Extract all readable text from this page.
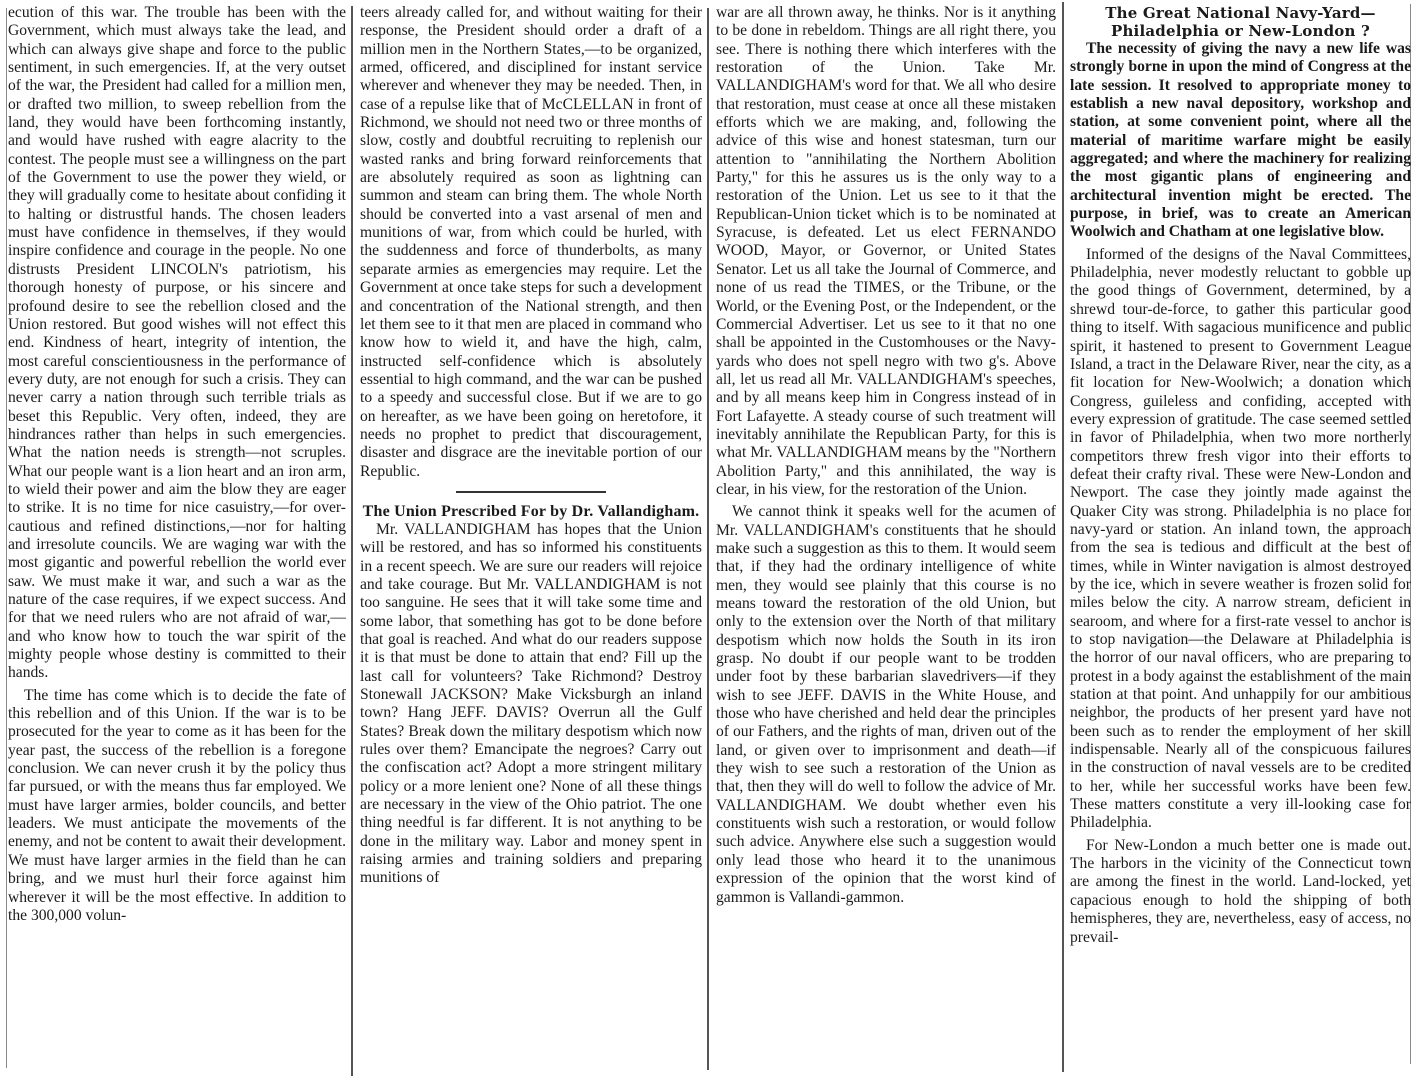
ecution of this war. The trouble has been with the Government, which must always take the lead, and which can always give shape and force to the public sentiment, in such emergencies. If, at the very outset of the war, the President had called for a million men, or drafted two million, to sweep rebellion from the land, they would have been forthcoming instantly, and would have rushed with eagre alacrity to the contest. The people must see a willingness on the part of the Government to use the power they wield, or they will gradually come to hesitate about confiding it to halting or distrustful hands. The chosen leaders must have confidence in themselves, if they would inspire confidence and courage in the people. No one distrusts President LINCOLN's patriotism, his thorough honesty of purpose, or his sincere and profound desire to see the rebellion closed and the Union restored. But good wishes will not effect this end. Kindness of heart, integrity of intention, the most careful conscientiousness in the performance of every duty, are not enough for such a crisis. They can never carry a nation through such terrible trials as beset this Republic. Very often, indeed, they are hindrances rather than helps in such emergencies. What the nation needs is strength—not scruples. What our people want is a lion heart and an iron arm, to wield their power and aim the blow they are eager to strike. It is no time for nice casuistry,—for over-cautious and refined distinctions,—nor for halting and irresolute councils. We are waging war with the most gigantic and powerful rebellion the world ever saw. We must make it war, and such a war as the nature of the case requires, if we expect success. And for that we need rulers who are not afraid of war,—and who know how to touch the war spirit of the mighty people whose destiny is committed to their hands.

The time has come which is to decide the fate of this rebellion and of this Union. If the war is to be prosecuted for the year to come as it has been for the year past, the success of the rebellion is a foregone conclusion. We can never crush it by the policy thus far pursued, or with the means thus far employed. We must have larger armies, bolder councils, and better leaders. We must anticipate the movements of the enemy, and not be content to await their development. We must have larger armies in the field than he can bring, and we must hurl their force against him wherever it will be the most effective. In addition to the 300,000 volun-

teers already called for, and without waiting for their response, the President should order a draft of a million men in the Northern States,—to be organized, armed, officered, and disciplined for instant service wherever and whenever they may be needed. Then, in case of a repulse like that of McCLELLAN in front of Richmond, we should not need two or three months of slow, costly and doubtful recruiting to replenish our wasted ranks and bring forward reinforcements that are absolutely required as soon as lightning can summon and steam can bring them. The whole North should be converted into a vast arsenal of men and munitions of war, from which could be hurled, with the suddenness and force of thunderbolts, as many separate armies as emergencies may require. Let the Government at once take steps for such a development and concentration of the National strength, and then let them see to it that men are placed in command who know how to wield it, and have the high, calm, instructed self-confidence which is absolutely essential to high command, and the war can be pushed to a speedy and successful close. But if we are to go on hereafter, as we have been going on heretofore, it needs no prophet to predict that discouragement, disaster and disgrace are the inevitable portion of our Republic.

The Union Prescribed For by Dr. Vallandigham.

Mr. VALLANDIGHAM has hopes that the Union will be restored, and has so informed his constituents in a recent speech. We are sure our readers will rejoice and take courage. But Mr. VALLANDIGHAM is not too sanguine. He sees that it will take some time and some labor, that something has got to be done before that goal is reached. And what do our readers suppose it is that must be done to attain that end? Fill up the last call for volunteers? Take Richmond? Destroy Stonewall JACKSON? Make Vicksburgh an inland town? Hang JEFF. DAVIS? Overrun all the Gulf States? Break down the military despotism which now rules over them? Emancipate the negroes? Carry out the confiscation act? Adopt a more stringent military policy or a more lenient one? None of all these things are necessary in the view of the Ohio patriot. The one thing needful is far different. It is not anything to be done in the military way. Labor and money spent in raising armies and training soldiers and preparing munitions of

war are all thrown away, he thinks. Nor is it anything to be done in rebeldom. Things are all right there, you see. There is nothing there which interferes with the restoration of the Union. Take Mr. VALLANDIGHAM's word for that. We all who desire that restoration, must cease at once all these mistaken efforts which we are making, and, following the advice of this wise and honest statesman, turn our attention to "annihilating the Northern Abolition Party," for this he assures us is the only way to a restoration of the Union. Let us see to it that the Republican-Union ticket which is to be nominated at Syracuse, is defeated. Let us elect FERNANDO WOOD, Mayor, or Governor, or United States Senator. Let us all take the Journal of Commerce, and none of us read the TIMES, or the Tribune, or the World, or the Evening Post, or the Independent, or the Commercial Advertiser. Let us see to it that no one shall be appointed in the Customhouses or the Navy-yards who does not spell negro with two g's. Above all, let us read all Mr. VALLANDIGHAM's speeches, and by all means keep him in Congress instead of in Fort Lafayette. A steady course of such treatment will inevitably annihilate the Republican Party, for this is what Mr. VALLANDIGHAM means by the "Northern Abolition Party," and this annihilated, the way is clear, in his view, for the restoration of the Union.

We cannot think it speaks well for the acumen of Mr. VALLANDIGHAM's constituents that he should make such a suggestion as this to them. It would seem that, if they had the ordinary intelligence of white men, they would see plainly that this course is no means toward the restoration of the old Union, but only to the extension over the North of that military despotism which now holds the South in its iron grasp. No doubt if our people want to be trodden under foot by these barbarian slavedrivers—if they wish to see JEFF. DAVIS in the White House, and those who have cherished and held dear the principles of our Fathers, and the rights of man, driven out of the land, or given over to imprisonment and death—if they wish to see such a restoration of the Union as that, then they will do well to follow the advice of Mr. VALLANDIGHAM. We doubt whether even his constituents wish such a restoration, or would follow such advice. Anywhere else such a suggestion would only lead those who heard it to the unanimous expression of the opinion that the worst kind of gammon is Vallandi-gammon.

The Great National Navy-Yard—Philadelphia or New-London ?

The necessity of giving the navy a new life was strongly borne in upon the mind of Congress at the late session. It resolved to appropriate money to establish a new naval depository, workshop and station, at some convenient point, where all the material of maritime warfare might be easily aggregated; and where the machinery for realizing the most gigantic plans of engineering and architectural invention might be erected. The purpose, in brief, was to create an American Woolwich and Chatham at one legislative blow.

Informed of the designs of the Naval Committees, Philadelphia, never modestly reluctant to gobble up the good things of Government, determined, by a shrewd tour-de-force, to gather this particular good thing to itself. With sagacious munificence and public spirit, it hastened to present to Government League Island, a tract in the Delaware River, near the city, as a fit location for New-Woolwich; a donation which Congress, guileless and confiding, accepted with every expression of gratitude. The case seemed settled in favor of Philadelphia, when two more northerly competitors threw fresh vigor into their efforts to defeat their crafty rival. These were New-London and Newport. The case they jointly made against the Quaker City was strong. Philadelphia is no place for navy-yard or station. An inland town, the approach from the sea is tedious and difficult at the best of times, while in Winter navigation is almost destroyed by the ice, which in severe weather is frozen solid for miles below the city. A narrow stream, deficient in searoom, and where for a first-rate vessel to anchor is to stop navigation—the Delaware at Philadelphia is the horror of our naval officers, who are preparing to protest in a body against the establishment of the main station at that point. And unhappily for our ambitious neighbor, the products of her present yard have not been such as to render the employment of her skill indispensable. Nearly all of the conspicuous failures in the construction of naval vessels are to be credited to her, while her successful works have been few. These matters constitute a very ill-looking case for Philadelphia.

For New-London a much better one is made out. The harbors in the vicinity of the Connecticut town are among the finest in the world. Land-locked, yet capacious enough to hold the shipping of both hemispheres, they are, nevertheless, easy of access, no prevail-
